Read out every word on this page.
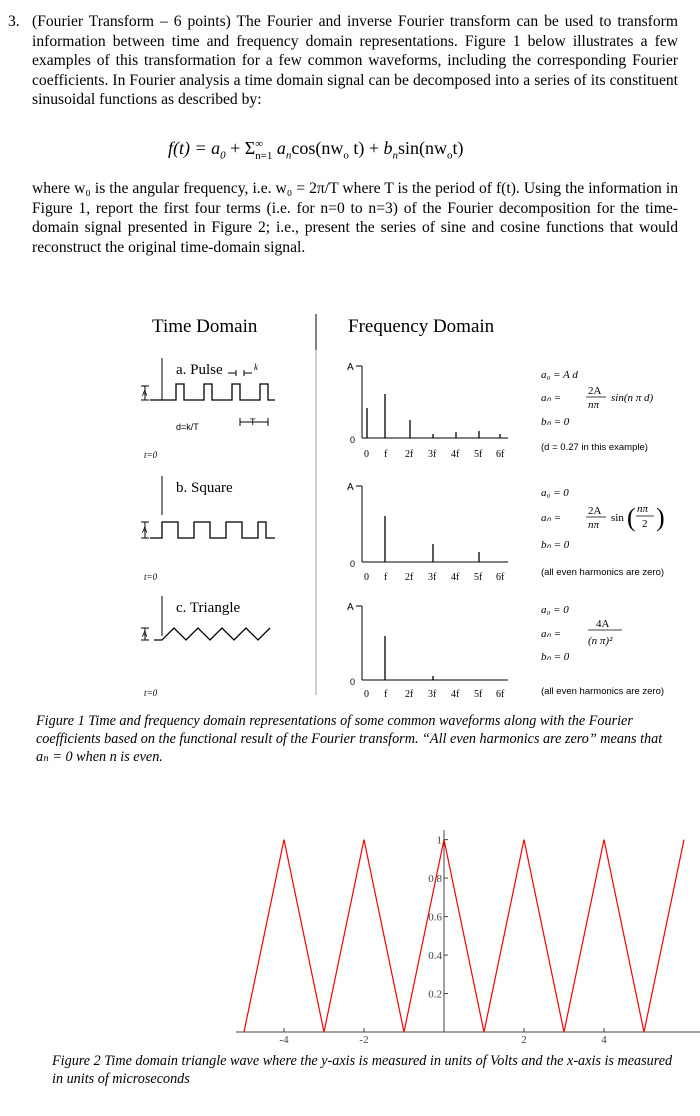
3. (Fourier Transform – 6 points) The Fourier and inverse Fourier transform can be used to transform information between time and frequency domain representations. Figure 1 below illustrates a few examples of this transformation for a few common waveforms, including the corresponding Fourier coefficients. In Fourier analysis a time domain signal can be decomposed into a series of its constituent sinusoidal functions as described by:
$f(t) = a_0 + \Sigma^\infty_{n=1}$ $a_n\cos(nw_o$ $t) + b_n\sin(nw_ot)$
where w₀ is the angular frequency, i.e. w₀ = 2π/T where T is the period of f(t). Using the information in Figure 1, report the first four terms (i.e. for n=0 to n=3) of the Fourier decomposition for the time-domain signal presented in Figure 2; i.e., present the series of sine and cosine functions that would reconstruct the original time-domain signal.
Time Domain	Frequency Domain
a. Pulse	k
T
d=k/T
A
t=0
A
0
0 f 2f 3f 4f 5f 6f
a₀ = A d
aₙ =
2A
nπ
sin(n π d)
bₙ = 0
(d = 0.27 in this example)
b. Square
A
t=0
A
0
0 f 2f 3f 4f 5f 6f
a₀ = 0
aₙ =
2A
nπ
sin ( nπ
2 )
bₙ = 0
(all even harmonics are zero)
c. Triangle
A
t=0
A
0
0 f 2f 3f 4f 5f 6f
a₀ = 0
aₙ =
4A
(n π)²
bₙ = 0
(all even harmonics are zero)
Figure 1 Time and frequency domain representations of some common waveforms along with the Fourier coefficients based on the functional result of the Fourier transform. “All even harmonics are zero” means that aₙ = 0 when n is even.
-4	-2	2	4
0.2
0.4
0.6
0.8
1
Figure 2 Time domain triangle wave where the y-axis is measured in units of Volts and the x-axis is measured in units of microseconds
